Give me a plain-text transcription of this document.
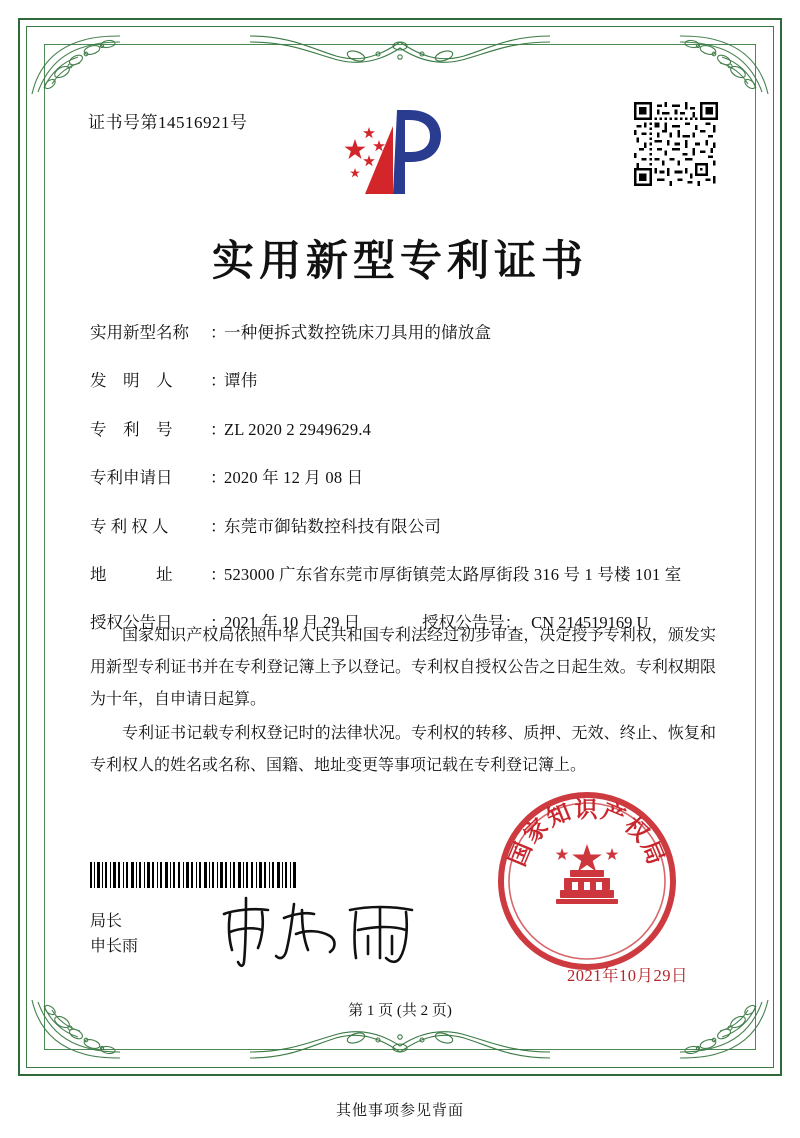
证书号第14516921号
实用新型专利证书
实用新型名称	：
一种便拆式数控铣床刀具用的储放盒
发　明　人	：
谭伟
专　利　号	：
ZL 2020 2 2949629.4
专利申请日	：
2020 年 12 月 08 日
专 利 权 人	：
东莞市御钻数控科技有限公司
地　　　址	：
523000 广东省东莞市厚街镇莞太路厚街段 316 号 1 号楼 101 室
授权公告日	：
2021 年 10 月 29 日	授权公告号 ： CN 214519169 U

国家知识产权局依照中华人民共和国专利法经过初步审查，决定授予专利权，颁发实用新型专利证书并在专利登记簿上予以登记。专利权自授权公告之日起生效。专利权期限为十年，自申请日起算。

专利证书记载专利权登记时的法律状况。专利权的转移、质押、无效、终止、恢复和专利权人的姓名或名称、国籍、地址变更等事项记载在专利登记簿上。

局长
申长雨
国家知识产权局
2021年10月29日
第 1 页 (共 2 页)
其他事项参见背面
